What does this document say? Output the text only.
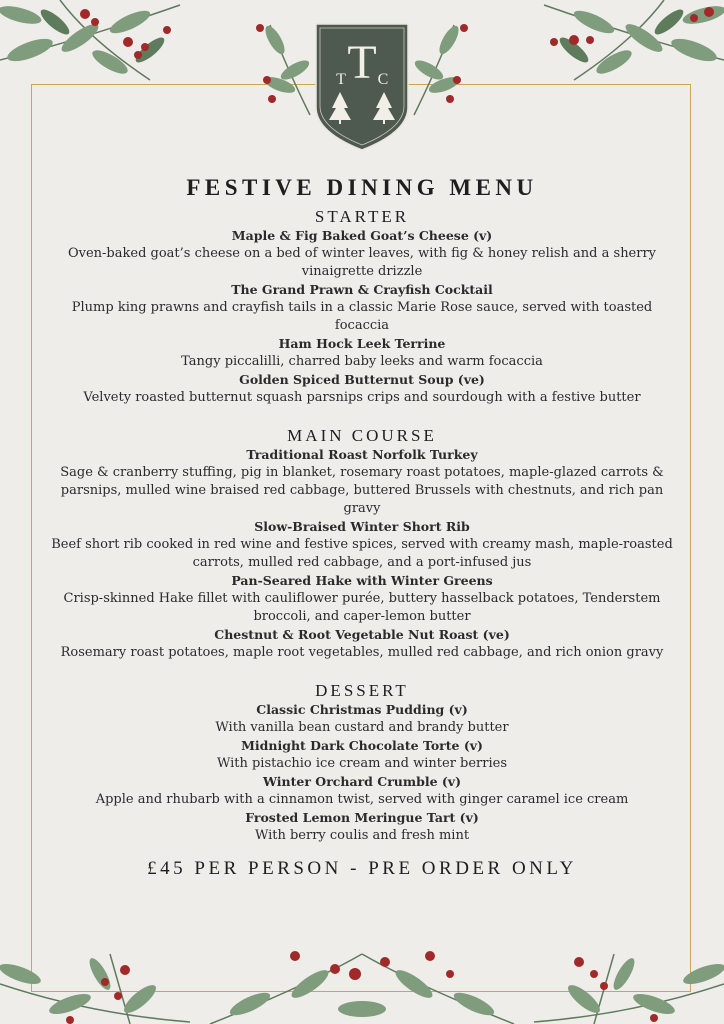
T
T C
FESTIVE DINING MENU
STARTER
Maple & Fig Baked Goat’s Cheese (v)
Oven-baked goat’s cheese on a bed of winter leaves, with fig & honey relish and a sherry vinaigrette drizzle
The Grand Prawn & Crayfish Cocktail
Plump king prawns and crayfish tails in a classic Marie Rose sauce, served with toasted focaccia
Ham Hock Leek Terrine
Tangy piccalilli, charred baby leeks and warm focaccia
Golden Spiced Butternut Soup (ve)
Velvety roasted butternut squash parsnips crips and sourdough with a festive butter
MAIN COURSE
Traditional Roast Norfolk Turkey
Sage & cranberry stuffing, pig in blanket, rosemary roast potatoes, maple-glazed carrots & parsnips, mulled wine braised red cabbage, buttered Brussels with chestnuts, and rich pan gravy
Slow-Braised Winter Short Rib
Beef short rib cooked in red wine and festive spices, served with creamy mash, maple-roasted carrots, mulled red cabbage, and a port-infused jus
Pan-Seared Hake with Winter Greens
Crisp-skinned Hake fillet with cauliflower purée, buttery hasselback potatoes, Tenderstem broccoli, and caper-lemon butter
Chestnut & Root Vegetable Nut Roast (ve)
Rosemary roast potatoes, maple root vegetables, mulled red cabbage, and rich onion gravy
DESSERT
Classic Christmas Pudding (v)
With vanilla bean custard and brandy butter
Midnight Dark Chocolate Torte (v)
With pistachio ice cream and winter berries
Winter Orchard Crumble (v)
Apple and rhubarb with a cinnamon twist, served with ginger caramel ice cream
Frosted Lemon Meringue Tart (v)
With berry coulis and fresh mint
£45 PER PERSON - PRE ORDER ONLY
